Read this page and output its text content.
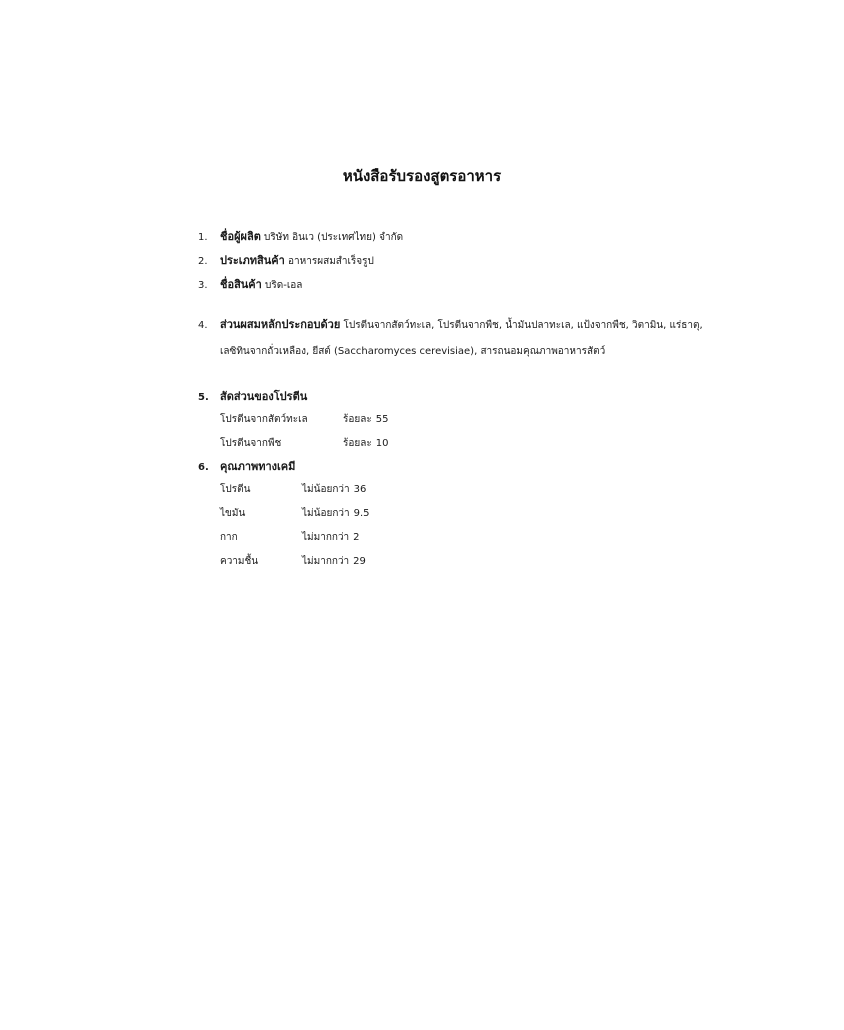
หนังสือรับรองสูตรอาหาร
1. ชื่อผู้ผลิต บริษัท อินเว (ประเทศไทย) จำกัด
2. ประเภทสินค้า อาหารผสมสำเร็จรูป
3. ชื่อสินค้า บริด-เอล
4. ส่วนผสมหลักประกอบด้วย โปรตีนจากสัตว์ทะเล, โปรตีนจากพืช, น้ำมันปลาทะเล, แป้งจากพืช, วิตามิน, แร่ธาตุ,
เลซิทินจากถั่วเหลือง, ยีสต์ (Saccharomyces cerevisiae), สารถนอมคุณภาพอาหารสัตว์
5. สัดส่วนของโปรตีน
โปรตีนจากสัตว์ทะเล	ร้อยละ 55
โปรตีนจากพืช	ร้อยละ 10
6. คุณภาพทางเคมี
โปรตีน	ไม่น้อยกว่า 36
ไขมัน	ไม่น้อยกว่า 9.5
กาก	ไม่มากกว่า 2
ความชื้น	ไม่มากกว่า 29
